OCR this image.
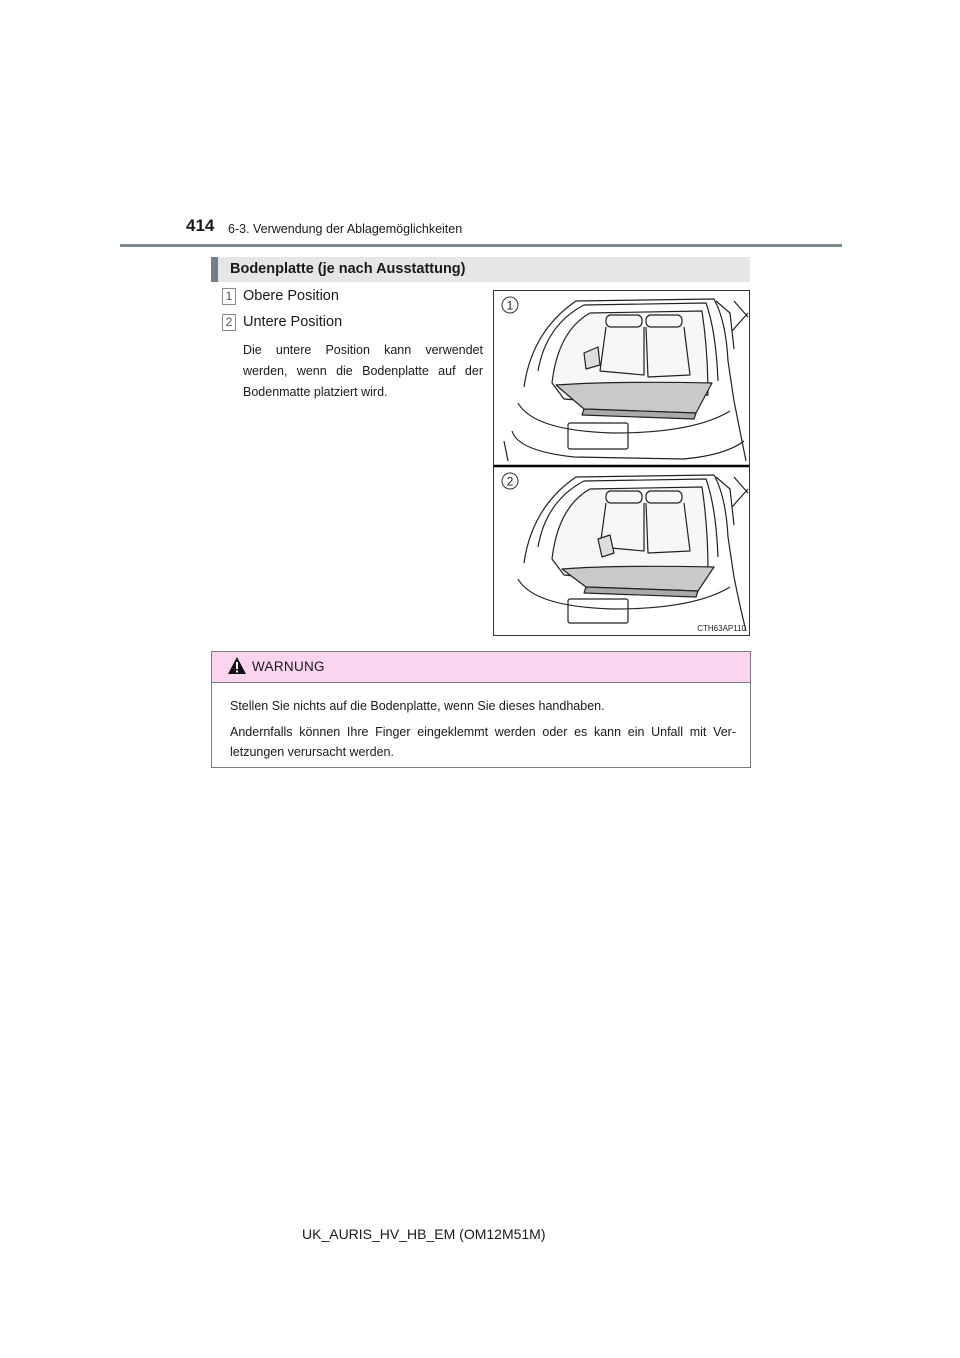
414 6-3. Verwendung der Ablagemöglichkeiten
Bodenplatte (je nach Ausstattung)
1 Obere Position
2 Untere Position
Die untere Position kann verwendet werden, wenn die Bodenplatte auf der Bodenmatte platziert wird.
1
2
CTH63AP110
WARNUNG

Stellen Sie nichts auf die Bodenplatte, wenn Sie dieses handhaben.

Andernfalls können Ihre Finger eingeklemmt werden oder es kann ein Unfall mit Ver-letzungen verursacht werden.

UK_AURIS_HV_HB_EM (OM12M51M)
